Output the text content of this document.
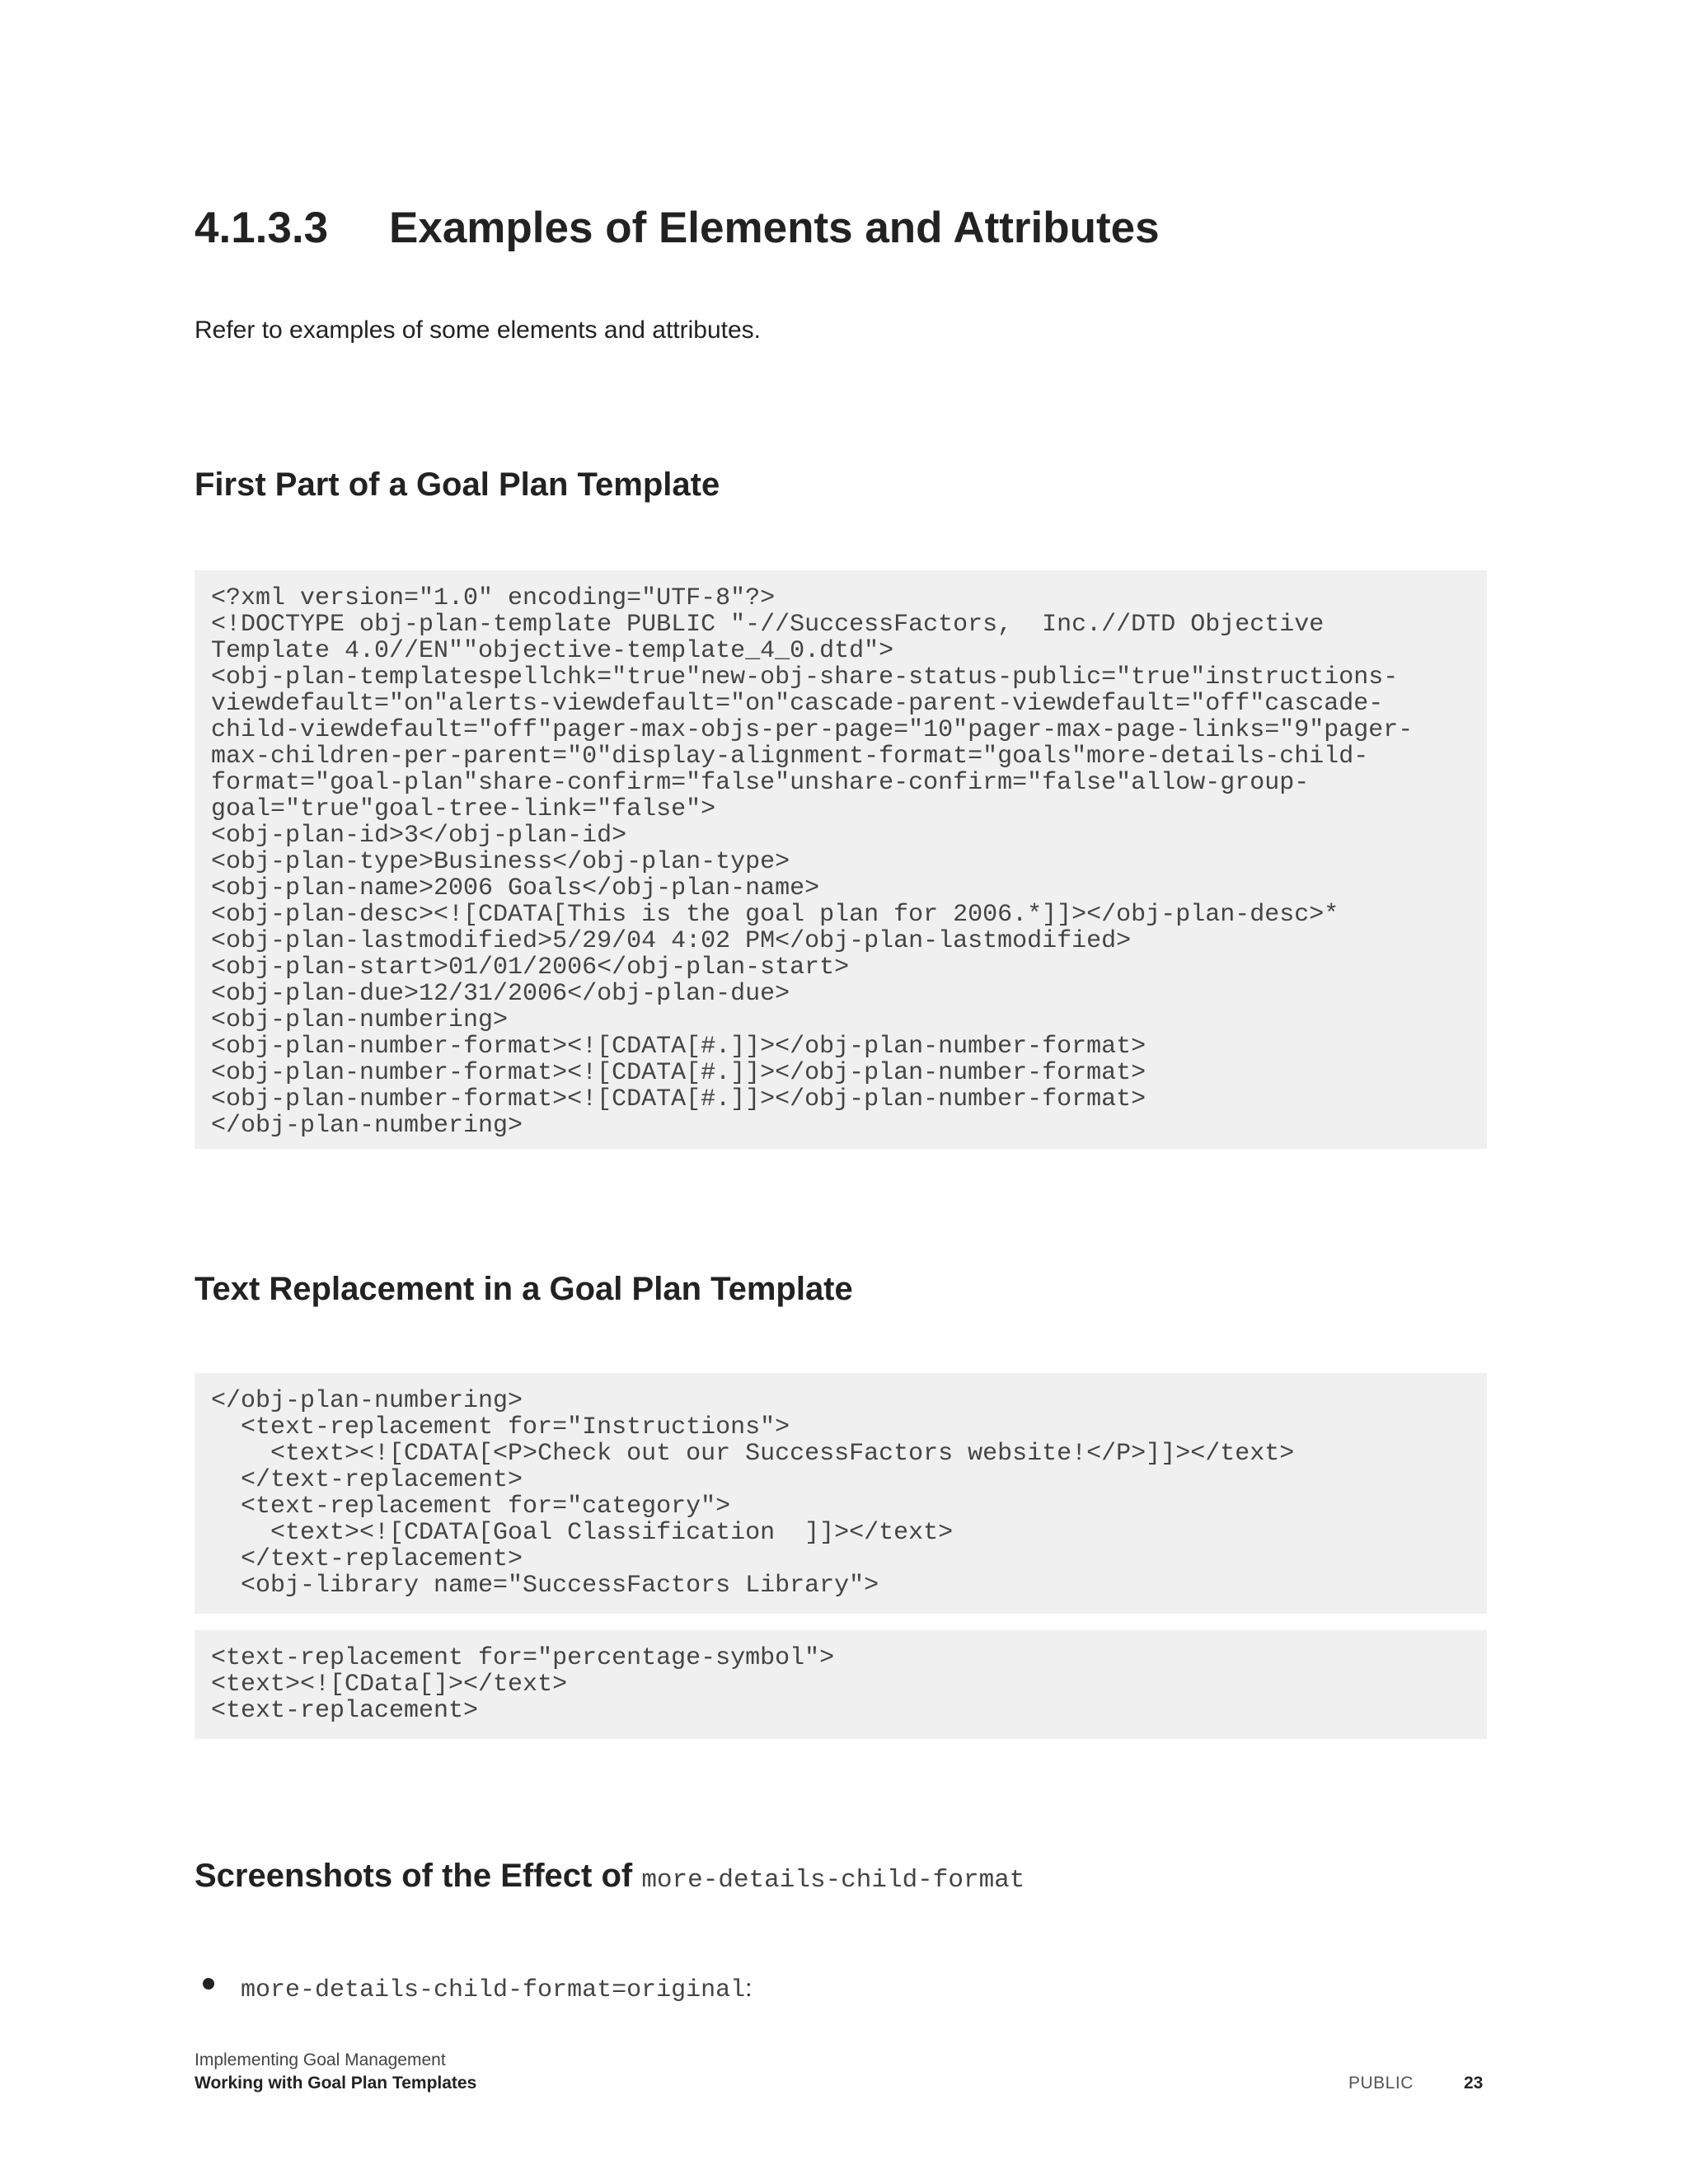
4.1.3.3 Examples of Elements and Attributes
Refer to examples of some elements and attributes.
First Part of a Goal Plan Template
<?xml version="1.0" encoding="UTF-8"?>
<!DOCTYPE obj-plan-template PUBLIC "-//SuccessFactors,  Inc.//DTD Objective
Template 4.0//EN""objective-template_4_0.dtd">
<obj-plan-templatespellchk="true"new-obj-share-status-public="true"instructions-
viewdefault="on"alerts-viewdefault="on"cascade-parent-viewdefault="off"cascade-
child-viewdefault="off"pager-max-objs-per-page="10"pager-max-page-links="9"pager-
max-children-per-parent="0"display-alignment-format="goals"more-details-child-
format="goal-plan"share-confirm="false"unshare-confirm="false"allow-group-
goal="true"goal-tree-link="false">
<obj-plan-id>3</obj-plan-id>
<obj-plan-type>Business</obj-plan-type>
<obj-plan-name>2006 Goals</obj-plan-name>
<obj-plan-desc><![CDATA[This is the goal plan for 2006.*]]></obj-plan-desc>*
<obj-plan-lastmodified>5/29/04 4:02 PM</obj-plan-lastmodified>
<obj-plan-start>01/01/2006</obj-plan-start>
<obj-plan-due>12/31/2006</obj-plan-due>
<obj-plan-numbering>
<obj-plan-number-format><![CDATA[#.]]></obj-plan-number-format>
<obj-plan-number-format><![CDATA[#.]]></obj-plan-number-format>
<obj-plan-number-format><![CDATA[#.]]></obj-plan-number-format>
</obj-plan-numbering>
Text Replacement in a Goal Plan Template
</obj-plan-numbering>
<text-replacement for="Instructions">
<text><![CDATA[<P>Check out our SuccessFactors website!</P>]]></text>
</text-replacement>
<text-replacement for="category">
<text><![CDATA[Goal Classification  ]]></text>
</text-replacement>
<obj-library name="SuccessFactors Library">
<text-replacement for="percentage-symbol">
<text><![CData[]></text>
<text-replacement>
Screenshots of the Effect of more-details-child-format
more-details-child-format=original:
Implementing Goal Management
Working with Goal Plan Templates	PUBLIC	23
